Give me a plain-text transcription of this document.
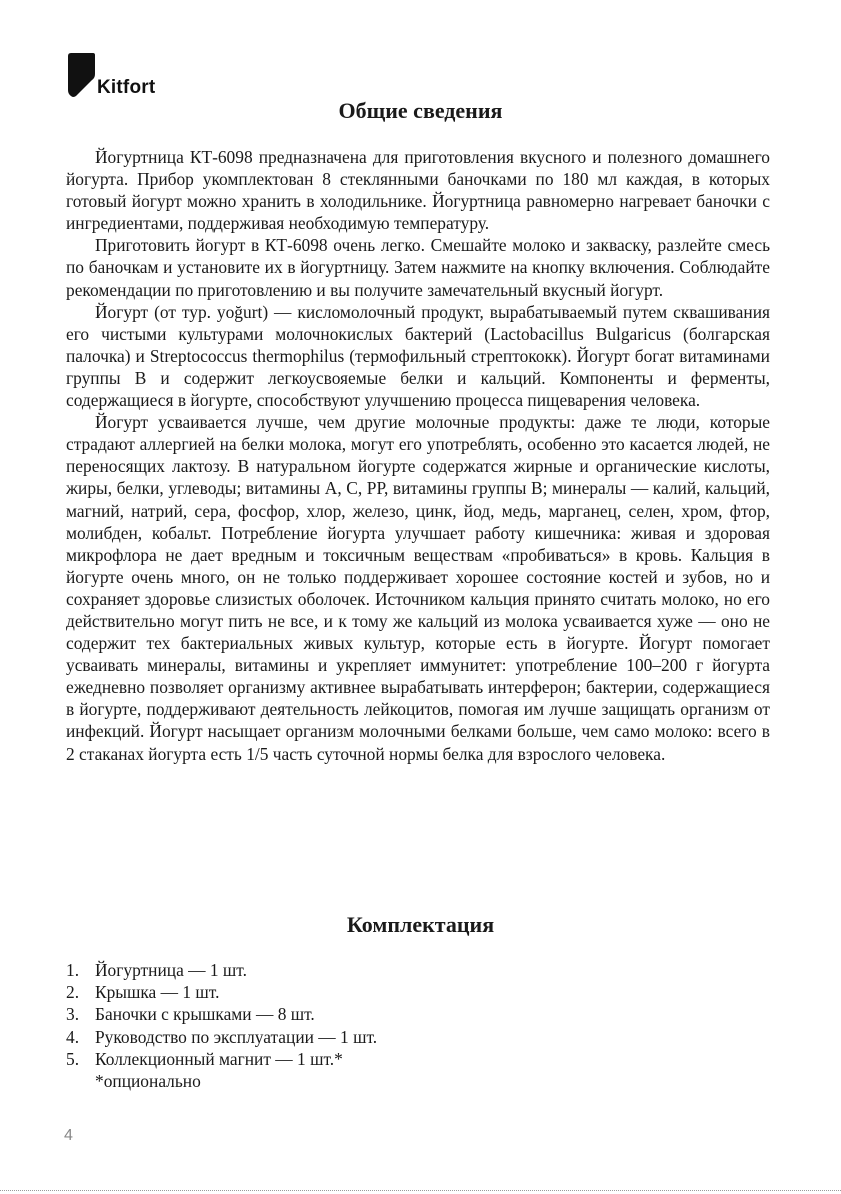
Kitfort
Общие сведения

Йогуртница КТ-6098 предназначена для приготовления вкусного и полезного домашнего йогурта. Прибор укомплектован 8 стеклянными баночками по 180 мл каждая, в которых готовый йогурт можно хранить в холодильнике. Йогуртница равномерно нагревает баночки с ингредиентами, поддерживая необходимую температуру.

Приготовить йогурт в КТ-6098 очень легко. Смешайте молоко и закваску, разлейте смесь по баночкам и установите их в йогуртницу. Затем нажмите на кнопку включения. Соблюдайте рекомендации по приготовлению и вы получите замечательный вкусный йогурт.

Йогурт (от тур. yoğurt) — кисломолочный продукт, вырабатываемый путем сквашивания его чистыми культурами молочнокислых бактерий (Lactobacillus Bulgaricus (болгарская палочка) и Streptococcus thermophilus (термофильный стрептококк). Йогурт богат витаминами группы В и содержит легкоусвояемые белки и кальций. Компоненты и ферменты, содержащиеся в йогурте, способствуют улучшению процесса пищеварения человека.

Йогурт усваивается лучше, чем другие молочные продукты: даже те люди, которые страдают аллергией на белки молока, могут его употреблять, особенно это касается людей, не переносящих лактозу. В натуральном йогурте содержатся жирные и органические кислоты, жиры, белки, углеводы; витамины А, С, РР, витамины группы В; минералы — калий, кальций, магний, натрий, сера, фосфор, хлор, железо, цинк, йод, медь, марганец, селен, хром, фтор, молибден, кобальт. Потребление йогурта улучшает работу кишечника: живая и здоровая микрофлора не дает вредным и токсичным веществам «пробиваться» в кровь. Кальция в йогурте очень много, он не только поддерживает хорошее состояние костей и зубов, но и сохраняет здоровье слизистых оболочек. Источником кальция принято считать молоко, но его действительно могут пить не все, и к тому же кальций из молока усваивается хуже — оно не содержит тех бактериальных живых культур, которые есть в йогурте. Йогурт помогает усваивать минералы, витамины и укрепляет иммунитет: употребление 100–200 г йогурта ежедневно позволяет организму активнее вырабатывать интерферон; бактерии, содержащиеся в йогурте, поддерживают деятельность лейкоцитов, помогая им лучше защищать организм от инфекций. Йогурт насыщает организм молочными белками больше, чем само молоко: всего в 2 стаканах йогурта есть 1/5 часть суточной нормы белка для взрослого человека.

Комплектация
1. Йогуртница — 1 шт.
2. Крышка — 1 шт.
3. Баночки с крышками — 8 шт.
4. Руководство по эксплуатации — 1 шт.
5. Коллекционный магнит — 1 шт.*
*опционально
4
